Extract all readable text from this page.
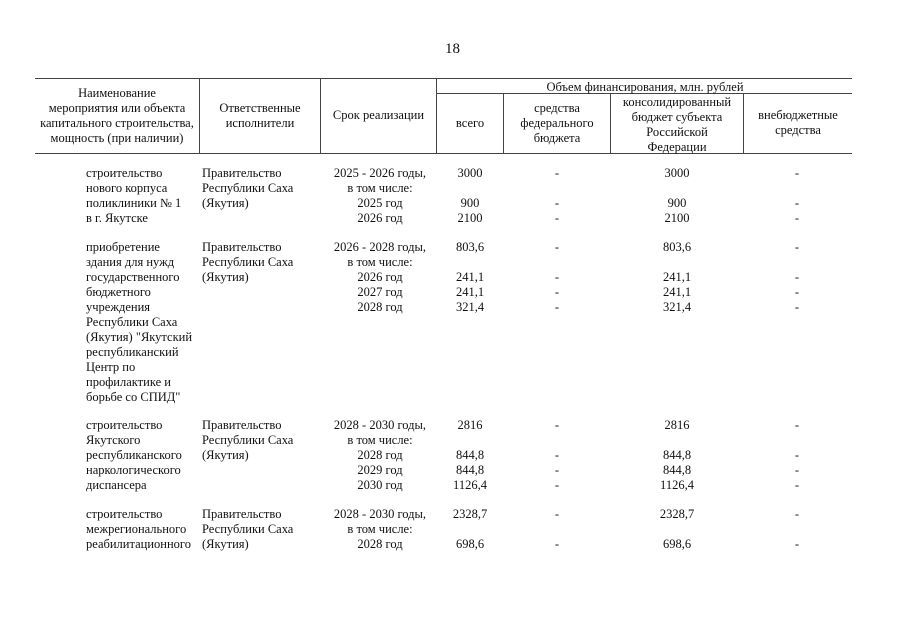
18
Наименование
мероприятия или объекта
капитального строительства,
мощность (при наличии)
Ответственные
исполнители
Срок реализации
Объем финансирования, млн. рублей
всего
средства
федерального
бюджета
консолидированный
бюджет субъекта
Российской
Федерации
внебюджетные
средства
строительство
нового корпуса
поликлиники № 1
в г. Якутске
Правительство
Республики Саха
(Якутия)
2025 - 2026 годы,
в том числе:
2025 год
2026 год
3000
900
2100
-
-
-
3000
900
2100
-
-
-
приобретение
здания для нужд
государственного
бюджетного
учреждения
Республики Саха
(Якутия) "Якутский
республиканский
Центр по
профилактике и
борьбе со СПИД"
Правительство
Республики Саха
(Якутия)
2026 - 2028 годы,
в том числе:
2026 год
2027 год
2028 год
803,6
241,1
241,1
321,4
-
-
-
-
803,6
241,1
241,1
321,4
-
-
-
-
строительство
Якутского
республиканского
наркологического
диспансера
Правительство
Республики Саха
(Якутия)
2028 - 2030 годы,
в том числе:
2028 год
2029 год
2030 год
2816
844,8
844,8
1126,4
-
-
-
-
2816
844,8
844,8
1126,4
-
-
-
-
строительство
межрегионального
реабилитационного
Правительство
Республики Саха
(Якутия)
2028 - 2030 годы,
в том числе:
2028 год
2328,7
698,6
-
-
2328,7
698,6
-
-
